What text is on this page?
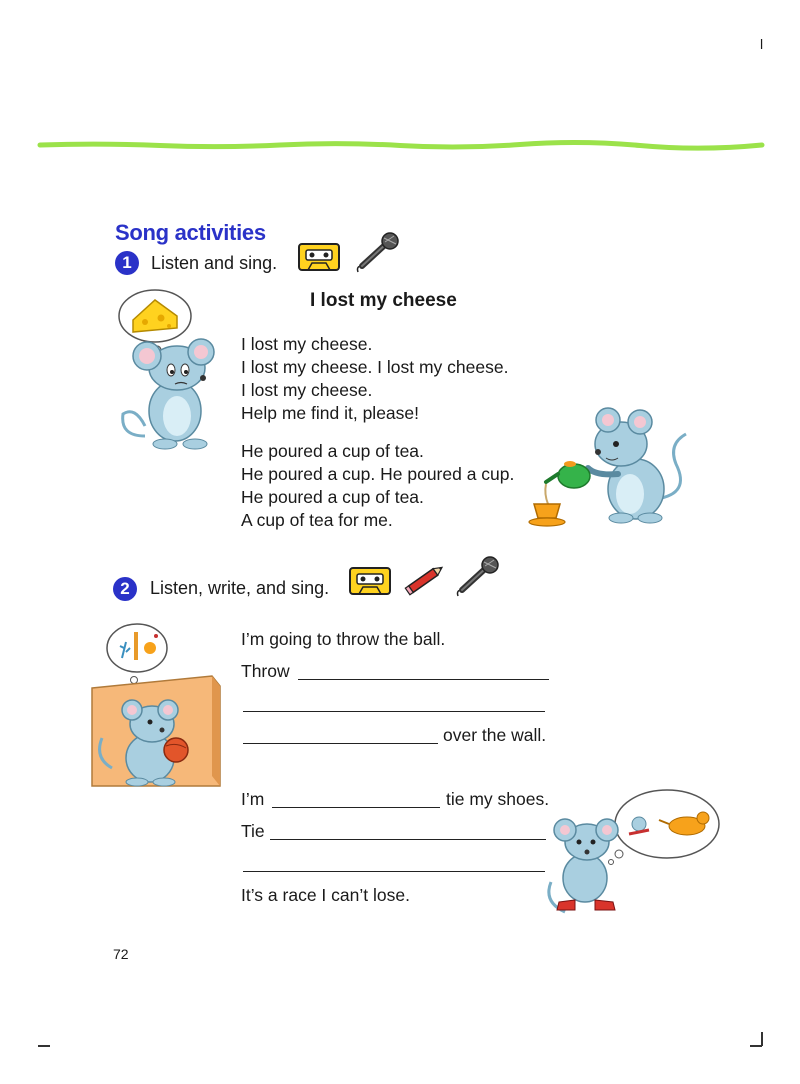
l
Song activities
1	Listen and sing.
I lost my cheese
I lost my cheese.
I lost my cheese. I lost my cheese.
I lost my cheese.
Help me find it, please!
He poured a cup of tea.
He poured a cup. He poured a cup.
He poured a cup of tea.
A cup of tea for me.
2	Listen, write, and sing.
I’m going to throw the ball.
Throw
over the wall.
I’m	tie my shoes.
Tie
It’s a race I can’t lose.
72
